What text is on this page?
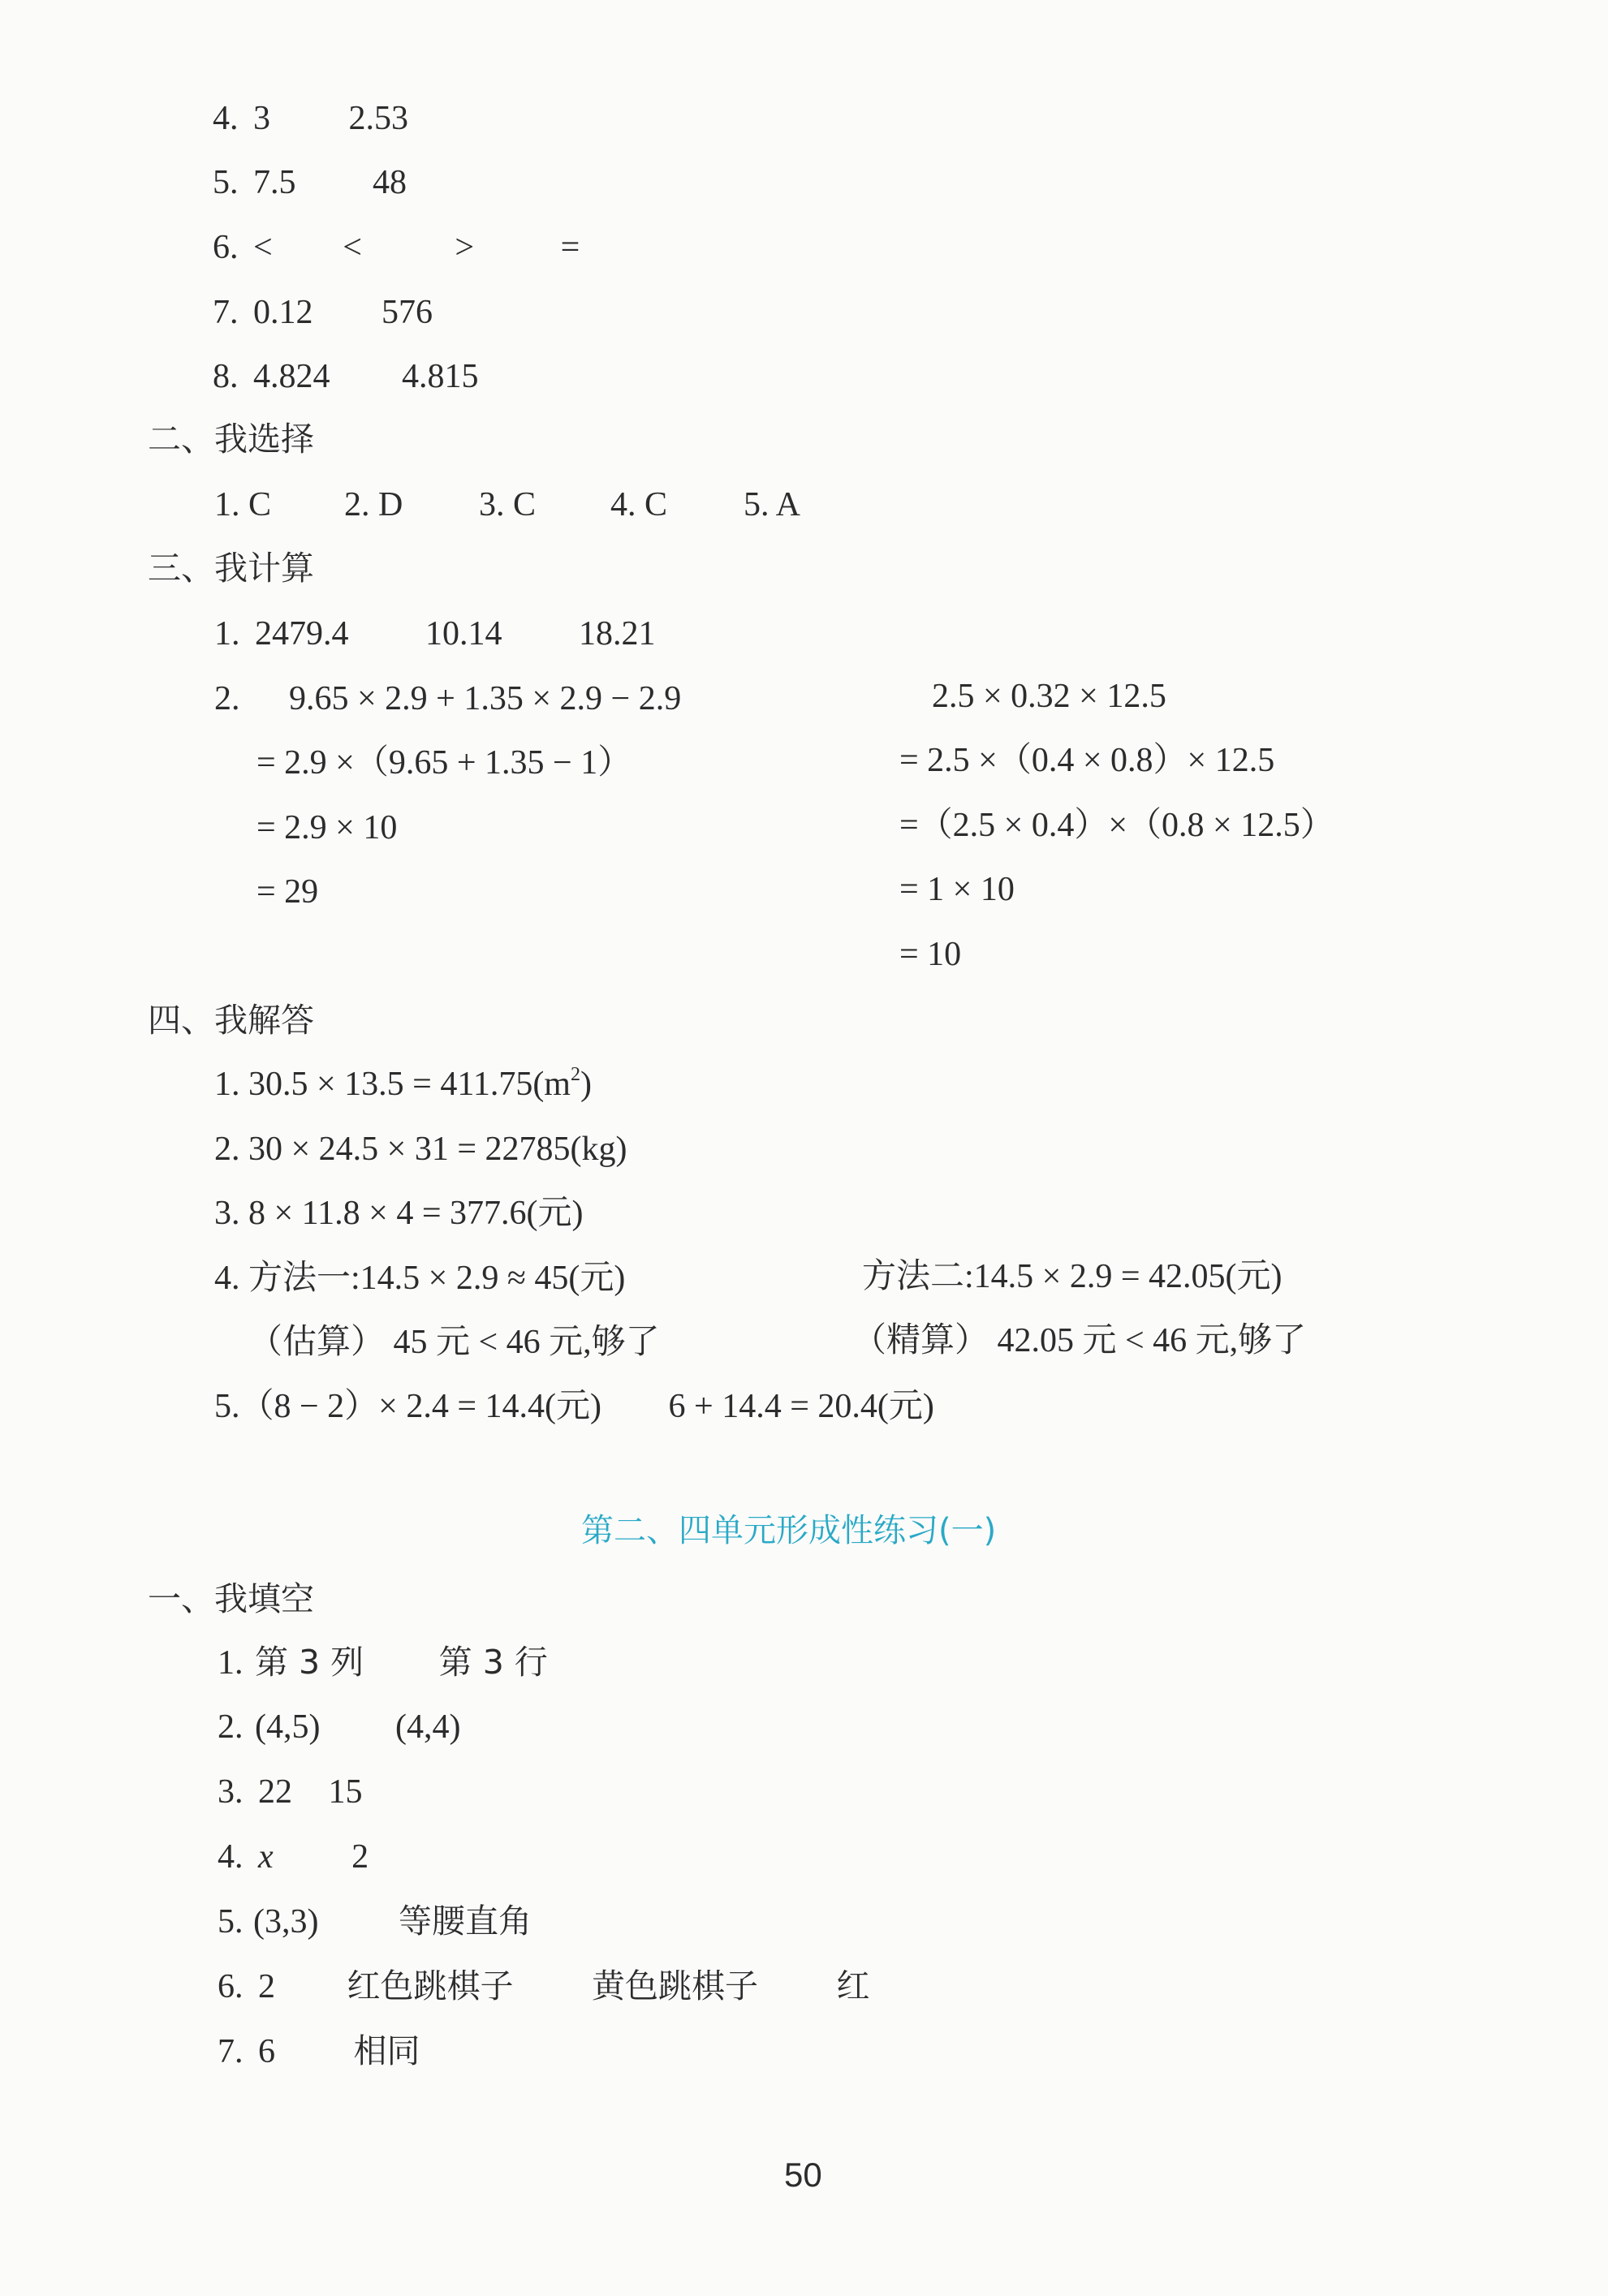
4. 3 2.53
5. 7.5 48
6. < <	>	=
7. 0.12 576
8. 4.824 4.815
二、我选择
1. C 2. D 3. C 4. C 5. A
三、我计算
1. 2479.4 10.14 18.21
2. 9.65 × 2.9 + 1.35 × 2.9 − 2.9
= 2.9 ×（9.65 + 1.35 − 1）
= 2.9 × 10
= 29
2.5 × 0.32 × 12.5
= 2.5 ×（0.4 × 0.8）× 12.5
=（2.5 × 0.4）×（0.8 × 12.5）
= 1 × 10
= 10
四、我解答
1. $30.5 \times 13.5 = 411.75(m^2)$
2. 30 × 24.5 × 31 = 22785(kg)
3. 8 × 11.8 × 4 = 377.6(元)
4. 方法一:14.5 × 2.9 ≈ 45(元)	方法二:14.5 × 2.9 = 42.05(元)
（估算） 45 元 < 46 元,够了	（精算） 42.05 元 < 46 元,够了
5.（8 − 2）× 2.4 = 14.4(元) 6 + 14.4 = 20.4(元)
第二、四单元形成性练习(一)
一、我填空
1. 第 3 列 第 3 行
2. (4,5) (4,4)
3. 22 15
4. x 2
5. (3,3) 等腰直角
6. 2 红色跳棋子 黄色跳棋子 红
7. 6 相同
50
